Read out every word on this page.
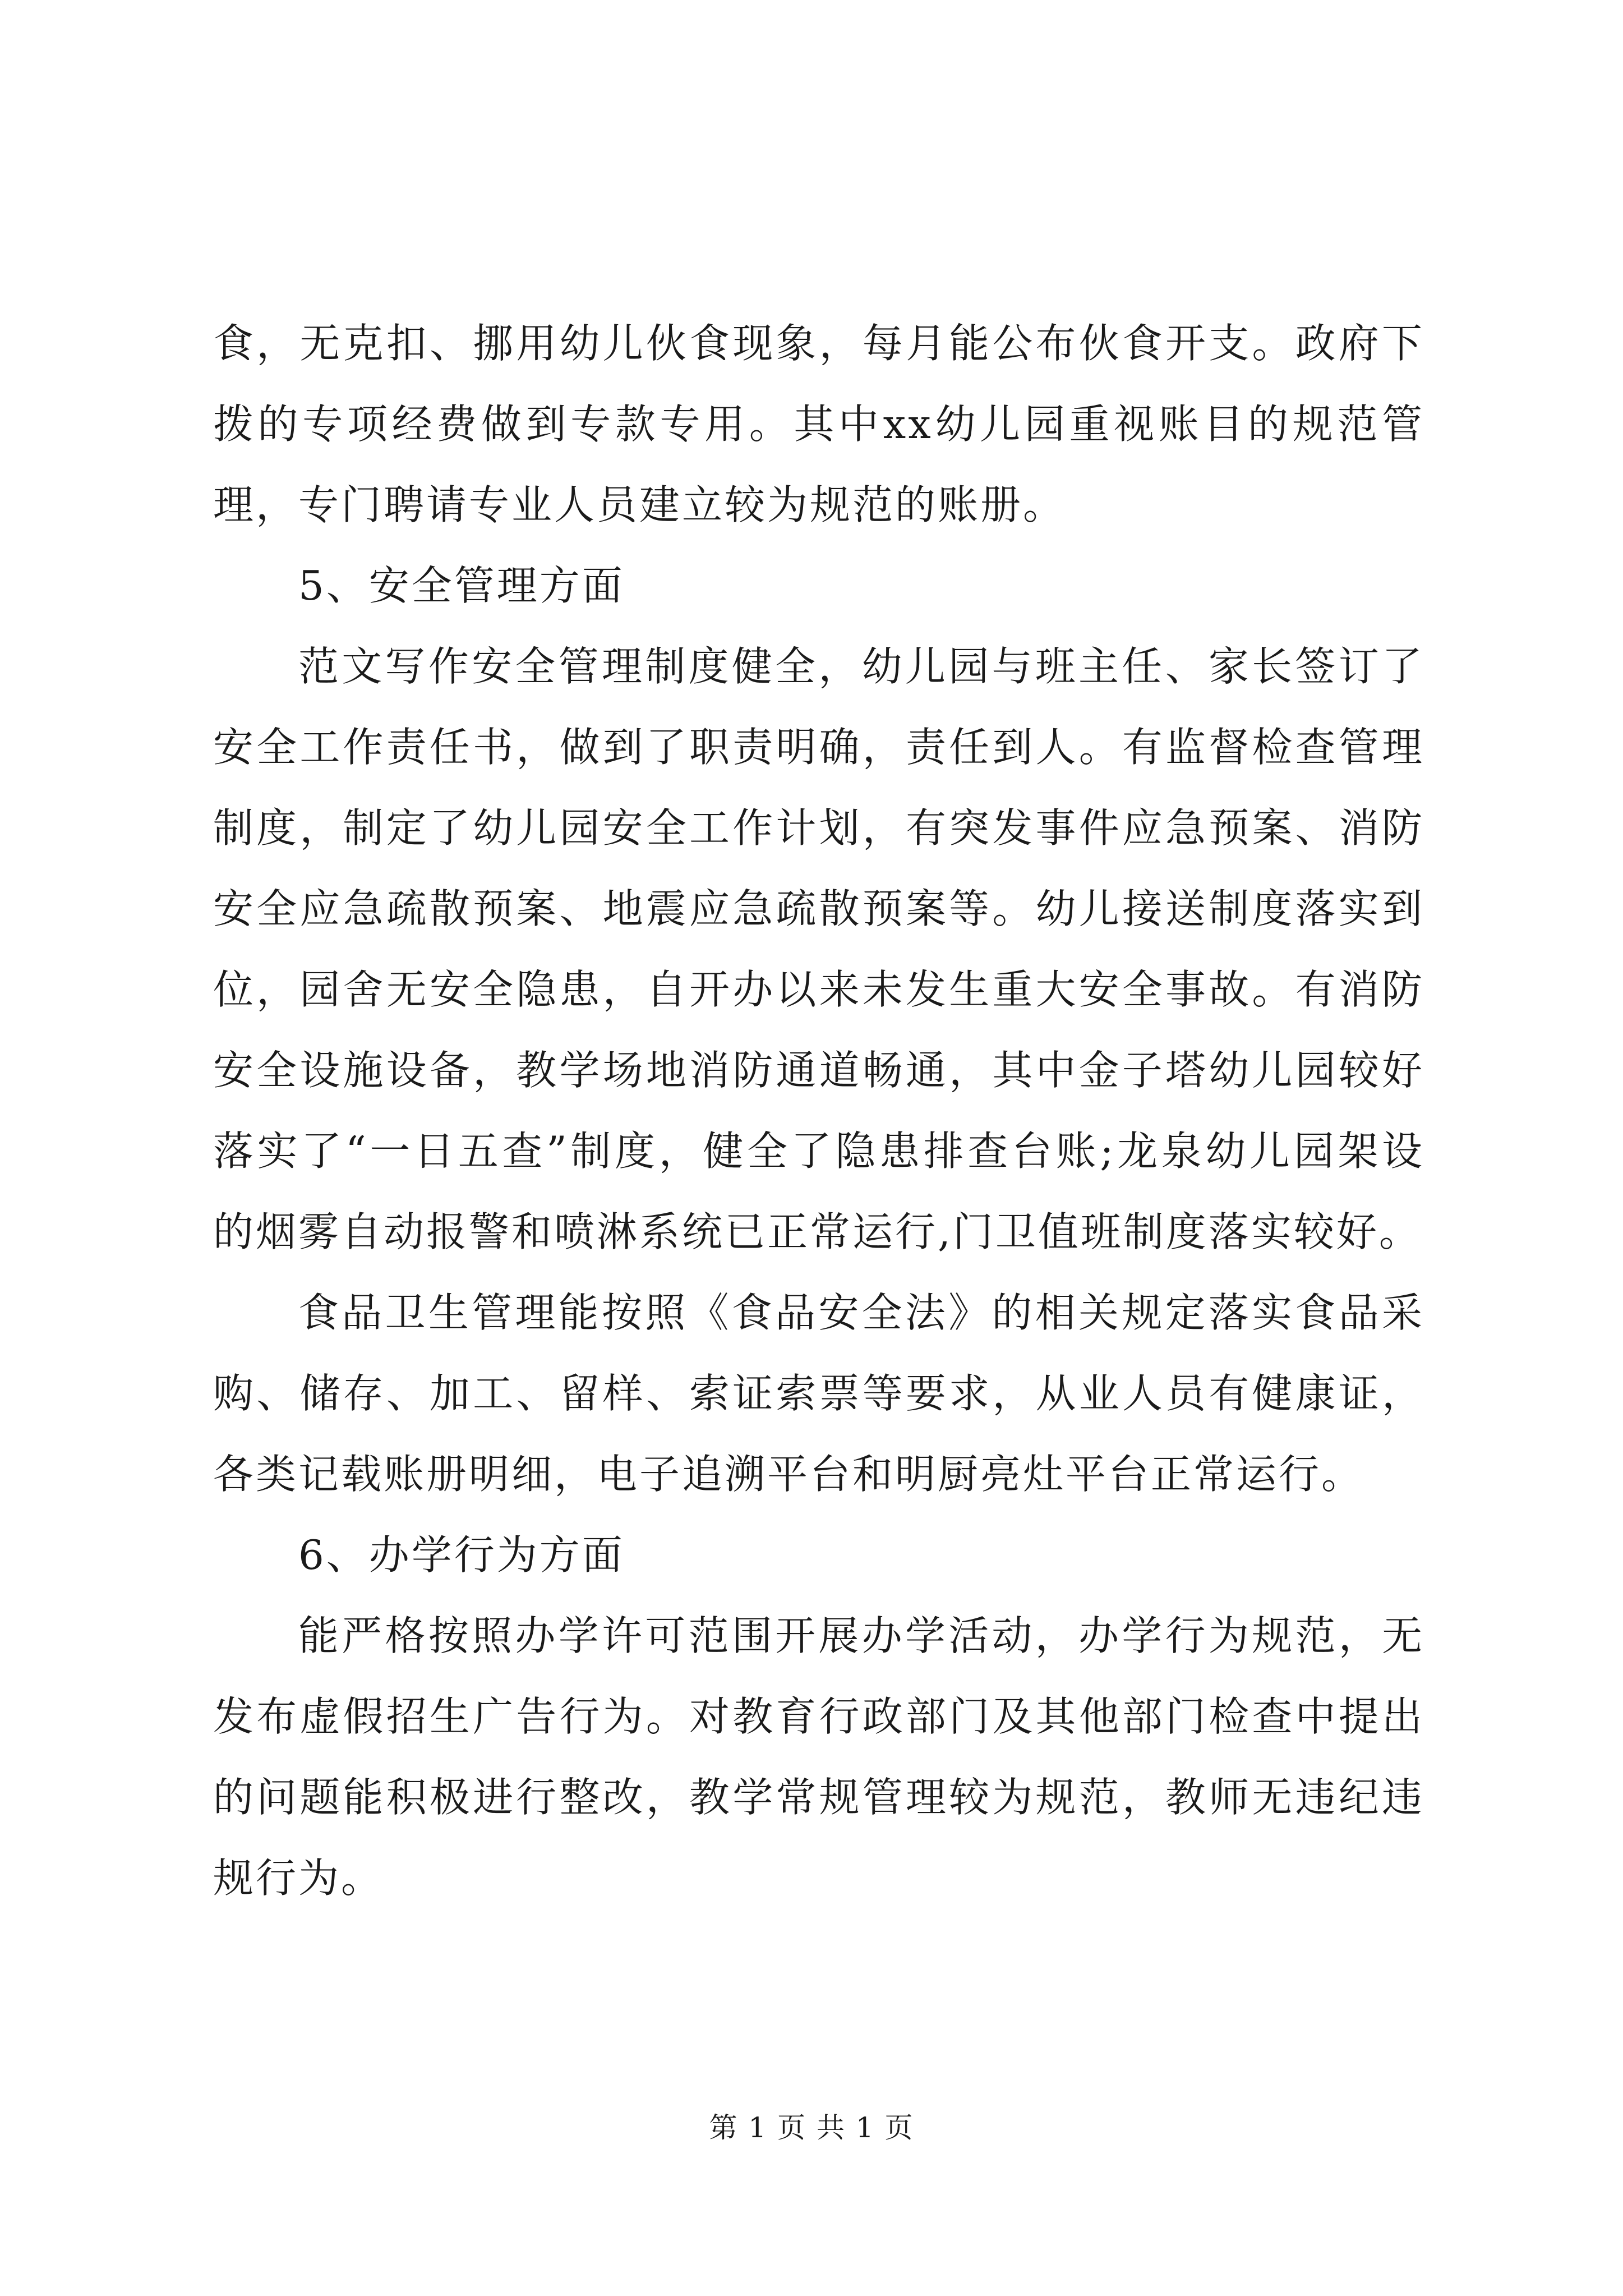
食，无克扣、挪用幼儿伙食现象，每月能公布伙食开支。政府下拨的专项经费做到专款专用。其中xx幼儿园重视账目的规范管理，专门聘请专业人员建立较为规范的账册。

5、安全管理方面

范文写作安全管理制度健全，幼儿园与班主任、家长签订了安全工作责任书，做到了职责明确，责任到人。有监督检查管理制度，制定了幼儿园安全工作计划，有突发事件应急预案、消防安全应急疏散预案、地震应急疏散预案等。幼儿接送制度落实到位，园舍无安全隐患，自开办以来未发生重大安全事故。有消防安全设施设备，教学场地消防通道畅通，其中金子塔幼儿园较好落实了“一日五查”制度，健全了隐患排查台账;龙泉幼儿园架设的烟雾自动报警和喷淋系统已正常运行,门卫值班制度落实较好。

食品卫生管理能按照《食品安全法》的相关规定落实食品采购、储存、加工、留样、索证索票等要求，从业人员有健康证，各类记载账册明细，电子追溯平台和明厨亮灶平台正常运行。

6、办学行为方面

能严格按照办学许可范围开展办学活动，办学行为规范，无发布虚假招生广告行为。对教育行政部门及其他部门检查中提出的问题能积极进行整改，教学常规管理较为规范，教师无违纪违规行为。

第 1 页 共 1 页
